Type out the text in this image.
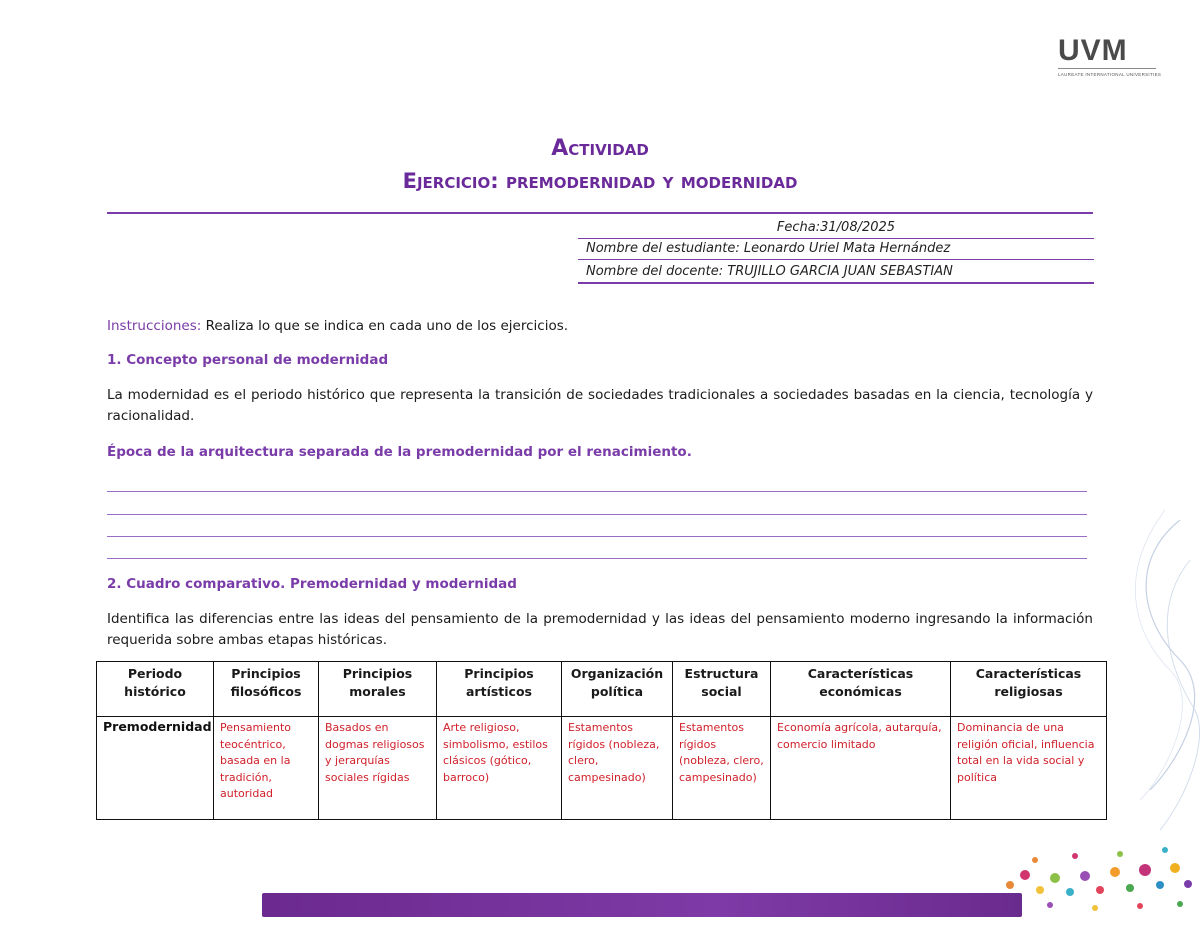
UVM
LAUREATE INTERNATIONAL UNIVERSITIES
Actividad
Ejercicio: premodernidad y modernidad
Fecha:31/08/2025
Nombre del estudiante: Leonardo Uriel Mata Hernández
Nombre del docente: TRUJILLO GARCIA JUAN SEBASTIAN
Instrucciones: Realiza lo que se indica en cada uno de los ejercicios.
1. Concepto personal de modernidad
La modernidad es el periodo histórico que representa la transición de sociedades tradicionales a sociedades basadas en la ciencia, tecnología y racionalidad.
Época de la arquitectura separada de la premodernidad por el renacimiento.
2. Cuadro comparativo. Premodernidad y modernidad
Identifica las diferencias entre las ideas del pensamiento de la premodernidad y las ideas del pensamiento moderno ingresando la información requerida sobre ambas etapas históricas.
Periodo histórico	Principios filosóficos	Principios morales	Principios artísticos	Organización política	Estructura social	Características económicas	Características religiosas
Premodernidad	Pensamiento teocéntrico, basada en la tradición, autoridad	Basados en dogmas religiosos y jerarquías sociales rígidas	Arte religioso, simbolismo, estilos clásicos (gótico, barroco)	Estamentos rígidos (nobleza, clero, campesinado)	Estamentos rígidos (nobleza, clero, campesinado)	Economía agrícola, autarquía, comercio limitado	Dominancia de una religión oficial, influencia total en la vida social y política
